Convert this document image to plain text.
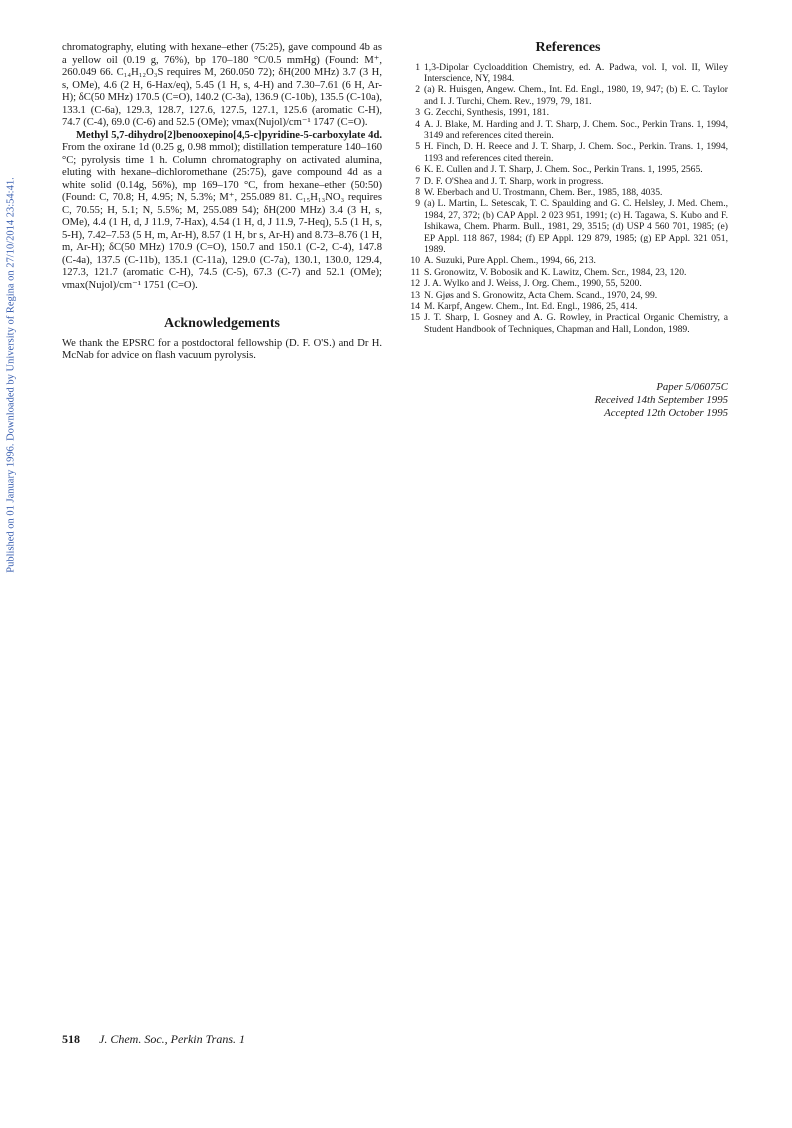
Published on 01 January 1996. Downloaded by University of Regina on 27/10/2014 23:54:41.

chromatography, eluting with hexane–ether (75:25), gave compound 4b as a yellow oil (0.19 g, 76%), bp 170–180 °C/0.5 mmHg) (Found: M⁺, 260.049 66. C₁₄H₁₂O₃S requires M, 260.050 72); δH(200 MHz) 3.7 (3 H, s, OMe), 4.6 (2 H, 6-Hax/eq), 5.45 (1 H, s, 4-H) and 7.30–7.61 (6 H, Ar-H); δC(50 MHz) 170.5 (C=O), 140.2 (C-3a), 136.9 (C-10b), 135.5 (C-10a), 133.1 (C-6a), 129.3, 128.7, 127.6, 127.5, 127.1, 125.6 (aromatic C-H), 74.7 (C-4), 69.0 (C-6) and 52.5 (OMe); νmax(Nujol)/cm⁻¹ 1747 (C=O).

Methyl 5,7-dihydro[2]benooxepino[4,5-c]pyridine-5-carboxylate 4d. From the oxirane 1d (0.25 g, 0.98 mmol); distillation temperature 140–160 °C; pyrolysis time 1 h. Column chromatography on activated alumina, eluting with hexane–dichloromethane (25:75), gave compound 4d as a white solid (0.14g, 56%), mp 169–170 °C, from hexane–ether (50:50) (Found: C, 70.8; H, 4.95; N, 5.3%; M⁺, 255.089 81. C₁₅H₁₃NO₃ requires C, 70.55; H, 5.1; N, 5.5%; M, 255.089 54); δH(200 MHz) 3.4 (3 H, s, OMe), 4.4 (1 H, d, J 11.9, 7-Hax), 4.54 (1 H, d, J 11.9, 7-Heq), 5.5 (1 H, s, 5-H), 7.42–7.53 (5 H, m, Ar-H), 8.57 (1 H, br s, Ar-H) and 8.73–8.76 (1 H, m, Ar-H); δC(50 MHz) 170.9 (C=O), 150.7 and 150.1 (C-2, C-4), 147.8 (C-4a), 137.5 (C-11b), 135.1 (C-11a), 129.0 (C-7a), 130.1, 130.0, 129.4, 127.3, 121.7 (aromatic C-H), 74.5 (C-5), 67.3 (C-7) and 52.1 (OMe); νmax(Nujol)/cm⁻¹ 1751 (C=O).

Acknowledgements

We thank the EPSRC for a postdoctoral fellowship (D. F. O'S.) and Dr H. McNab for advice on flash vacuum pyrolysis.

References
1 1,3-Dipolar Cycloaddition Chemistry, ed. A. Padwa, vol. I, vol. II, Wiley Interscience, NY, 1984.
2 (a) R. Huisgen, Angew. Chem., Int. Ed. Engl., 1980, 19, 947; (b) E. C. Taylor and I. J. Turchi, Chem. Rev., 1979, 79, 181.
3 G. Zecchi, Synthesis, 1991, 181.
4 A. J. Blake, M. Harding and J. T. Sharp, J. Chem. Soc., Perkin Trans. 1, 1994, 3149 and references cited therein.
5 H. Finch, D. H. Reece and J. T. Sharp, J. Chem. Soc., Perkin. Trans. 1, 1994, 1193 and references cited therein.
6 K. E. Cullen and J. T. Sharp, J. Chem. Soc., Perkin Trans. 1, 1995, 2565.
7 D. F. O'Shea and J. T. Sharp, work in progress.
8 W. Eberbach and U. Trostmann, Chem. Ber., 1985, 188, 4035.
9 (a) L. Martin, L. Setescak, T. C. Spaulding and G. C. Helsley, J. Med. Chem., 1984, 27, 372; (b) CAP Appl. 2 023 951, 1991; (c) H. Tagawa, S. Kubo and F. Ishikawa, Chem. Pharm. Bull., 1981, 29, 3515; (d) USP 4 560 701, 1985; (e) EP Appl. 118 867, 1984; (f) EP Appl. 129 879, 1985; (g) EP Appl. 321 051, 1989.
10 A. Suzuki, Pure Appl. Chem., 1994, 66, 213.
11 S. Gronowitz, V. Bobosik and K. Lawitz, Chem. Scr., 1984, 23, 120.
12 J. A. Wylko and J. Weiss, J. Org. Chem., 1990, 55, 5200.
13 N. Gjøs and S. Gronowitz, Acta Chem. Scand., 1970, 24, 99.
14 M. Karpf, Angew. Chem., Int. Ed. Engl., 1986, 25, 414.
15 J. T. Sharp, I. Gosney and A. G. Rowley, in Practical Organic Chemistry, a Student Handbook of Techniques, Chapman and Hall, London, 1989.
Paper 5/06075C
Received 14th September 1995
Accepted 12th October 1995
518 J. Chem. Soc., Perkin Trans. 1
